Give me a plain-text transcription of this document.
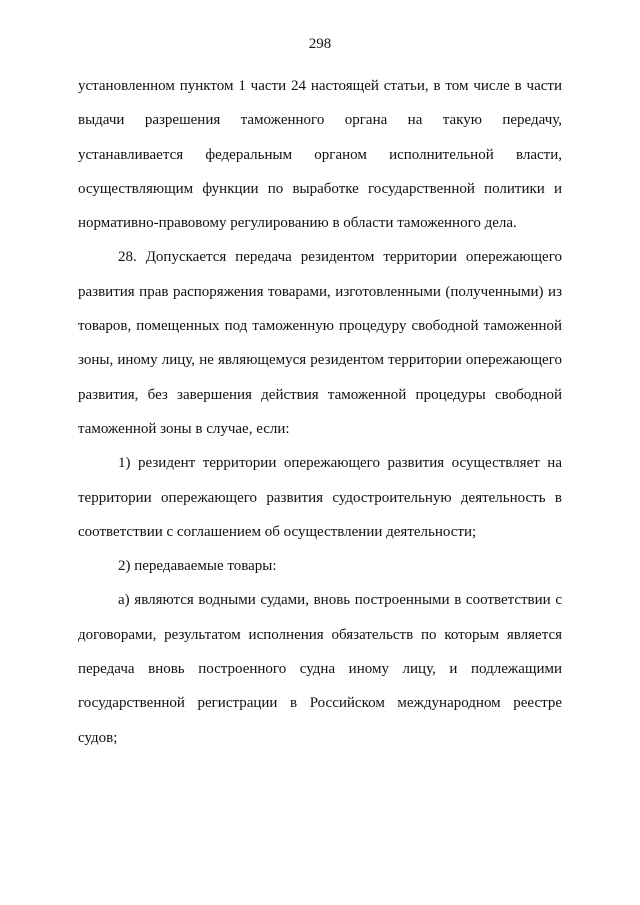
298
установленном пунктом 1 части 24 настоящей статьи, в том числе в части
выдачи разрешения таможенного органа на такую передачу,
устанавливается федеральным органом исполнительной власти,
осуществляющим функции по выработке государственной политики и
нормативно-правовому регулированию в области таможенного дела.
28. Допускается передача резидентом территории опережающего
развития прав распоряжения товарами, изготовленными (полученными) из
товаров, помещенных под таможенную процедуру свободной таможенной
зоны, иному лицу, не являющемуся резидентом территории опережающего
развития, без завершения действия таможенной процедуры свободной
таможенной зоны в случае, если:
1) резидент территории опережающего развития осуществляет на
территории опережающего развития судостроительную деятельность в
соответствии с соглашением об осуществлении деятельности;
2) передаваемые товары:
а) являются водными судами, вновь построенными в соответствии с
договорами, результатом исполнения обязательств по которым является
передача вновь построенного судна иному лицу, и подлежащими
государственной регистрации в Российском международном реестре
судов;
